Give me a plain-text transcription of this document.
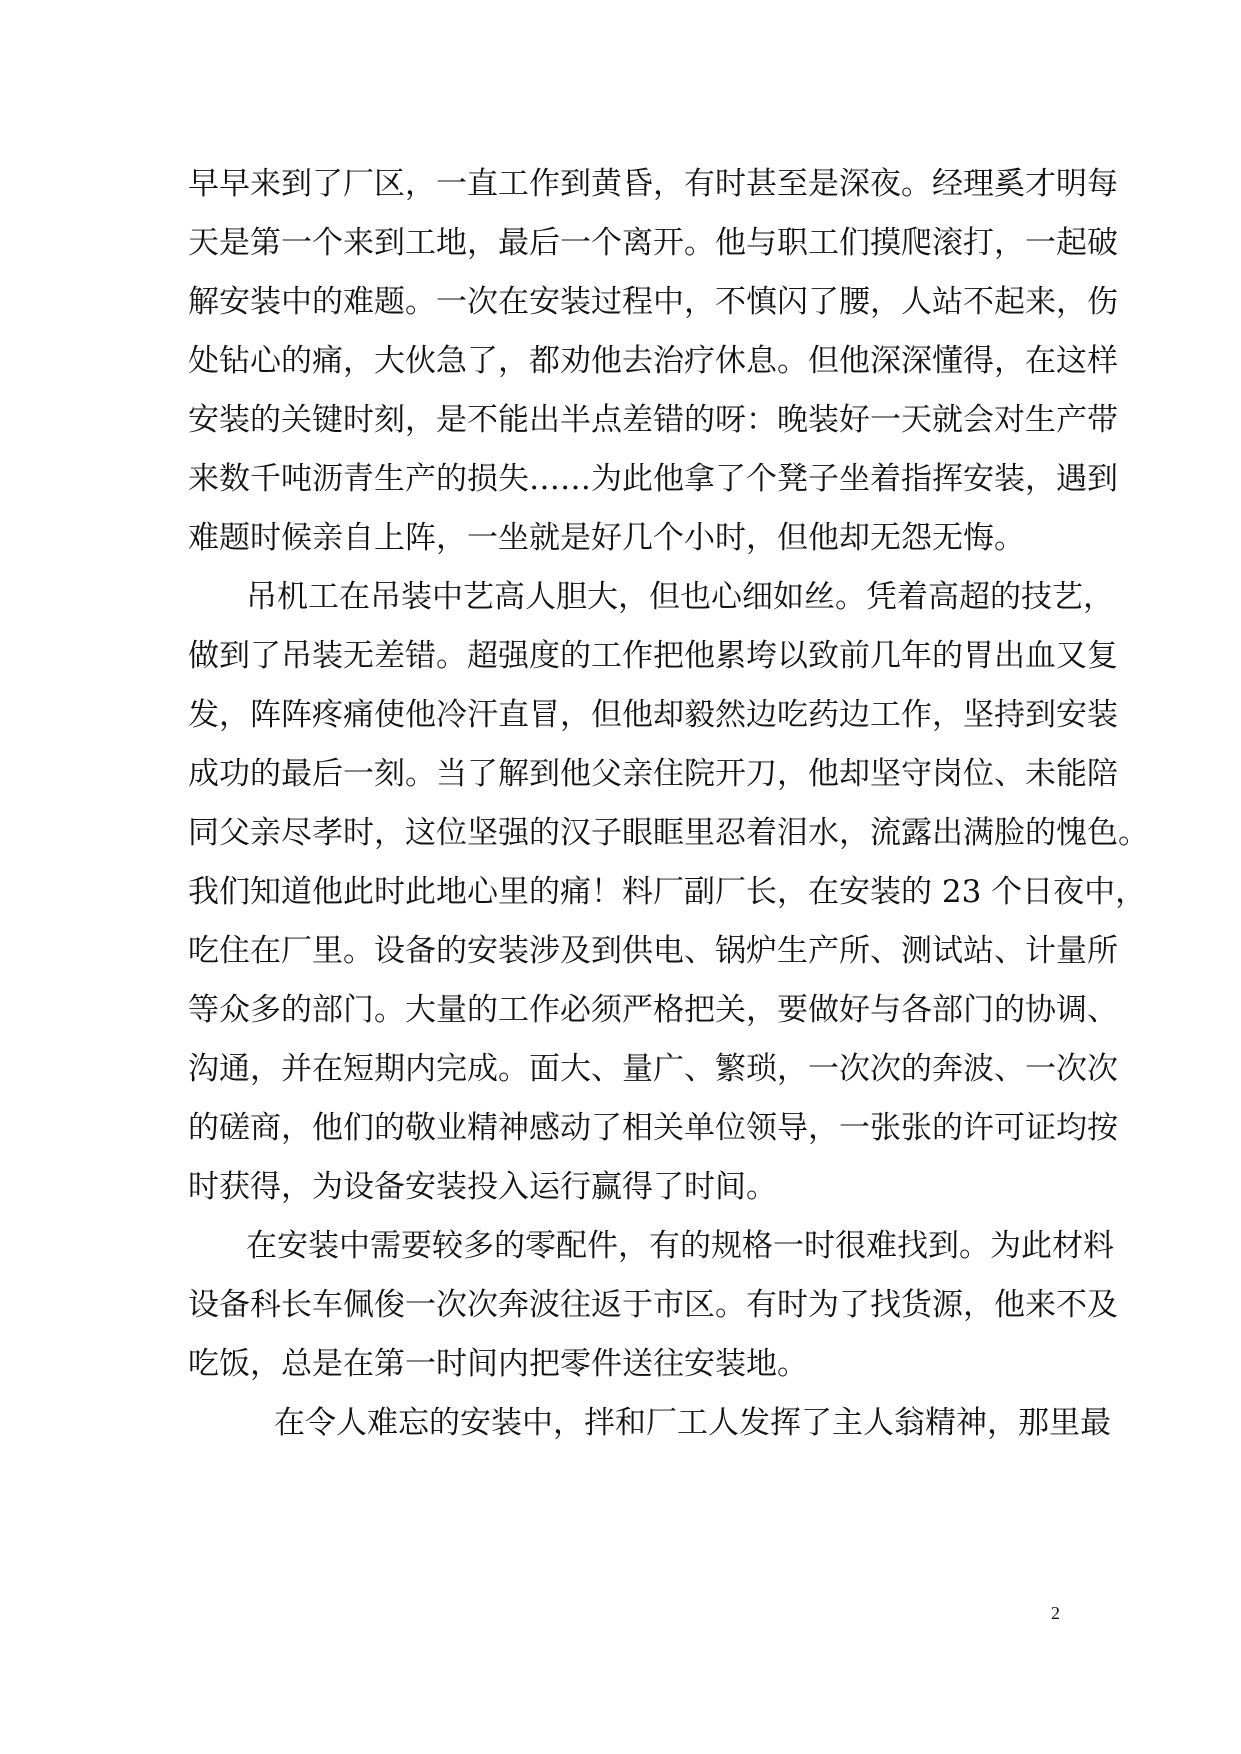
早早来到了厂区，一直工作到黄昏，有时甚至是深夜。经理奚才明每
天是第一个来到工地，最后一个离开。他与职工们摸爬滚打，一起破
解安装中的难题。一次在安装过程中，不慎闪了腰，人站不起来，伤
处钻心的痛，大伙急了，都劝他去治疗休息。但他深深懂得，在这样
安装的关键时刻，是不能出半点差错的呀：晚装好一天就会对生产带
来数千吨沥青生产的损失……为此他拿了个凳子坐着指挥安装，遇到
难题时候亲自上阵，一坐就是好几个小时，但他却无怨无悔。
吊机工在吊装中艺高人胆大，但也心细如丝。凭着高超的技艺，
做到了吊装无差错。超强度的工作把他累垮以致前几年的胃出血又复
发，阵阵疼痛使他冷汗直冒，但他却毅然边吃药边工作，坚持到安装
成功的最后一刻。当了解到他父亲住院开刀，他却坚守岗位、未能陪
同父亲尽孝时，这位坚强的汉子眼眶里忍着泪水，流露出满脸的愧色。
我们知道他此时此地心里的痛！料厂副厂长，在安装的 23 个日夜中，
吃住在厂里。设备的安装涉及到供电、锅炉生产所、测试站、计量所
等众多的部门。大量的工作必须严格把关，要做好与各部门的协调、
沟通，并在短期内完成。面大、量广、繁琐，一次次的奔波、一次次
的磋商，他们的敬业精神感动了相关单位领导，一张张的许可证均按
时获得，为设备安装投入运行赢得了时间。
在安装中需要较多的零配件，有的规格一时很难找到。为此材料
设备科长车佩俊一次次奔波往返于市区。有时为了找货源，他来不及
吃饭，总是在第一时间内把零件送往安装地。
在令人难忘的安装中，拌和厂工人发挥了主人翁精神，那里最
2
